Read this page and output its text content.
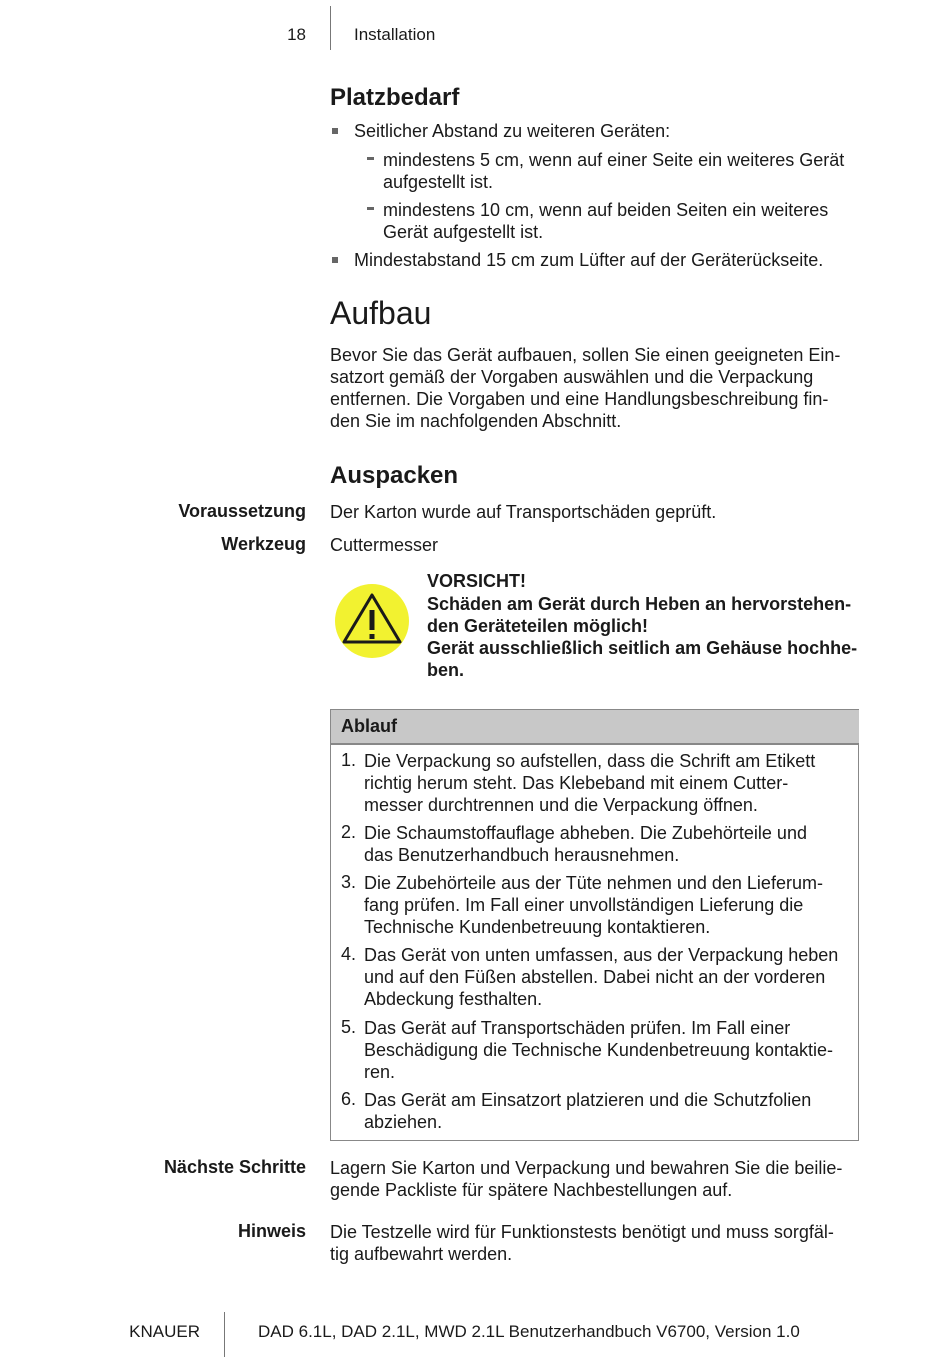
18	Installation
Platzbedarf
Seitlicher Abstand zu weiteren Geräten:
mindestens 5 cm, wenn auf einer Seite ein weiteres Gerät
aufgestellt ist.
mindestens 10 cm, wenn auf beiden Seiten ein weiteres
Gerät aufgestellt ist.
Mindestabstand 15 cm zum Lüfter auf der Geräterückseite.
Aufbau
Bevor Sie das Gerät aufbauen, sollen Sie einen geeigneten Ein-
satzort gemäß der Vorgaben auswählen und die Verpackung
entfernen. Die Vorgaben und eine Handlungsbeschreibung fin-
den Sie im nachfolgenden Abschnitt.
Auspacken
Voraussetzung Der Karton wurde auf Transportschäden geprüft.
Werkzeug Cuttermesser
VORSICHT!
Schäden am Gerät durch Heben an hervorstehen-
den Geräteteilen möglich!
Gerät ausschließlich seitlich am Gehäuse hochhe-
ben.
Ablauf
1. Die Verpackung so aufstellen, dass die Schrift am Etikett
richtig herum steht. Das Klebeband mit einem Cutter-
messer durchtrennen und die Verpackung öffnen.
2. Die Schaumstoffauflage abheben. Die Zubehörteile und
das Benutzerhandbuch herausnehmen.
3. Die Zubehörteile aus der Tüte nehmen und den Lieferum-
fang prüfen. Im Fall einer unvollständigen Lieferung die
Technische Kundenbetreuung kontaktieren.
4. Das Gerät von unten umfassen, aus der Verpackung heben
und auf den Füßen abstellen. Dabei nicht an der vorderen
Abdeckung festhalten.
5. Das Gerät auf Transportschäden prüfen. Im Fall einer
Beschädigung die Technische Kundenbetreuung kontaktie-
ren.
6. Das Gerät am Einsatzort platzieren und die Schutzfolien
abziehen.
Nächste Schritte Lagern Sie Karton und Verpackung und bewahren Sie die beilie-
gende Packliste für spätere Nachbestellungen auf.
Hinweis Die Testzelle wird für Funktionstests benötigt und muss sorgfäl-
tig aufbewahrt werden.
KNAUER	DAD 6.1L, DAD 2.1L, MWD 2.1L Benutzerhandbuch V6700, Version 1.0
